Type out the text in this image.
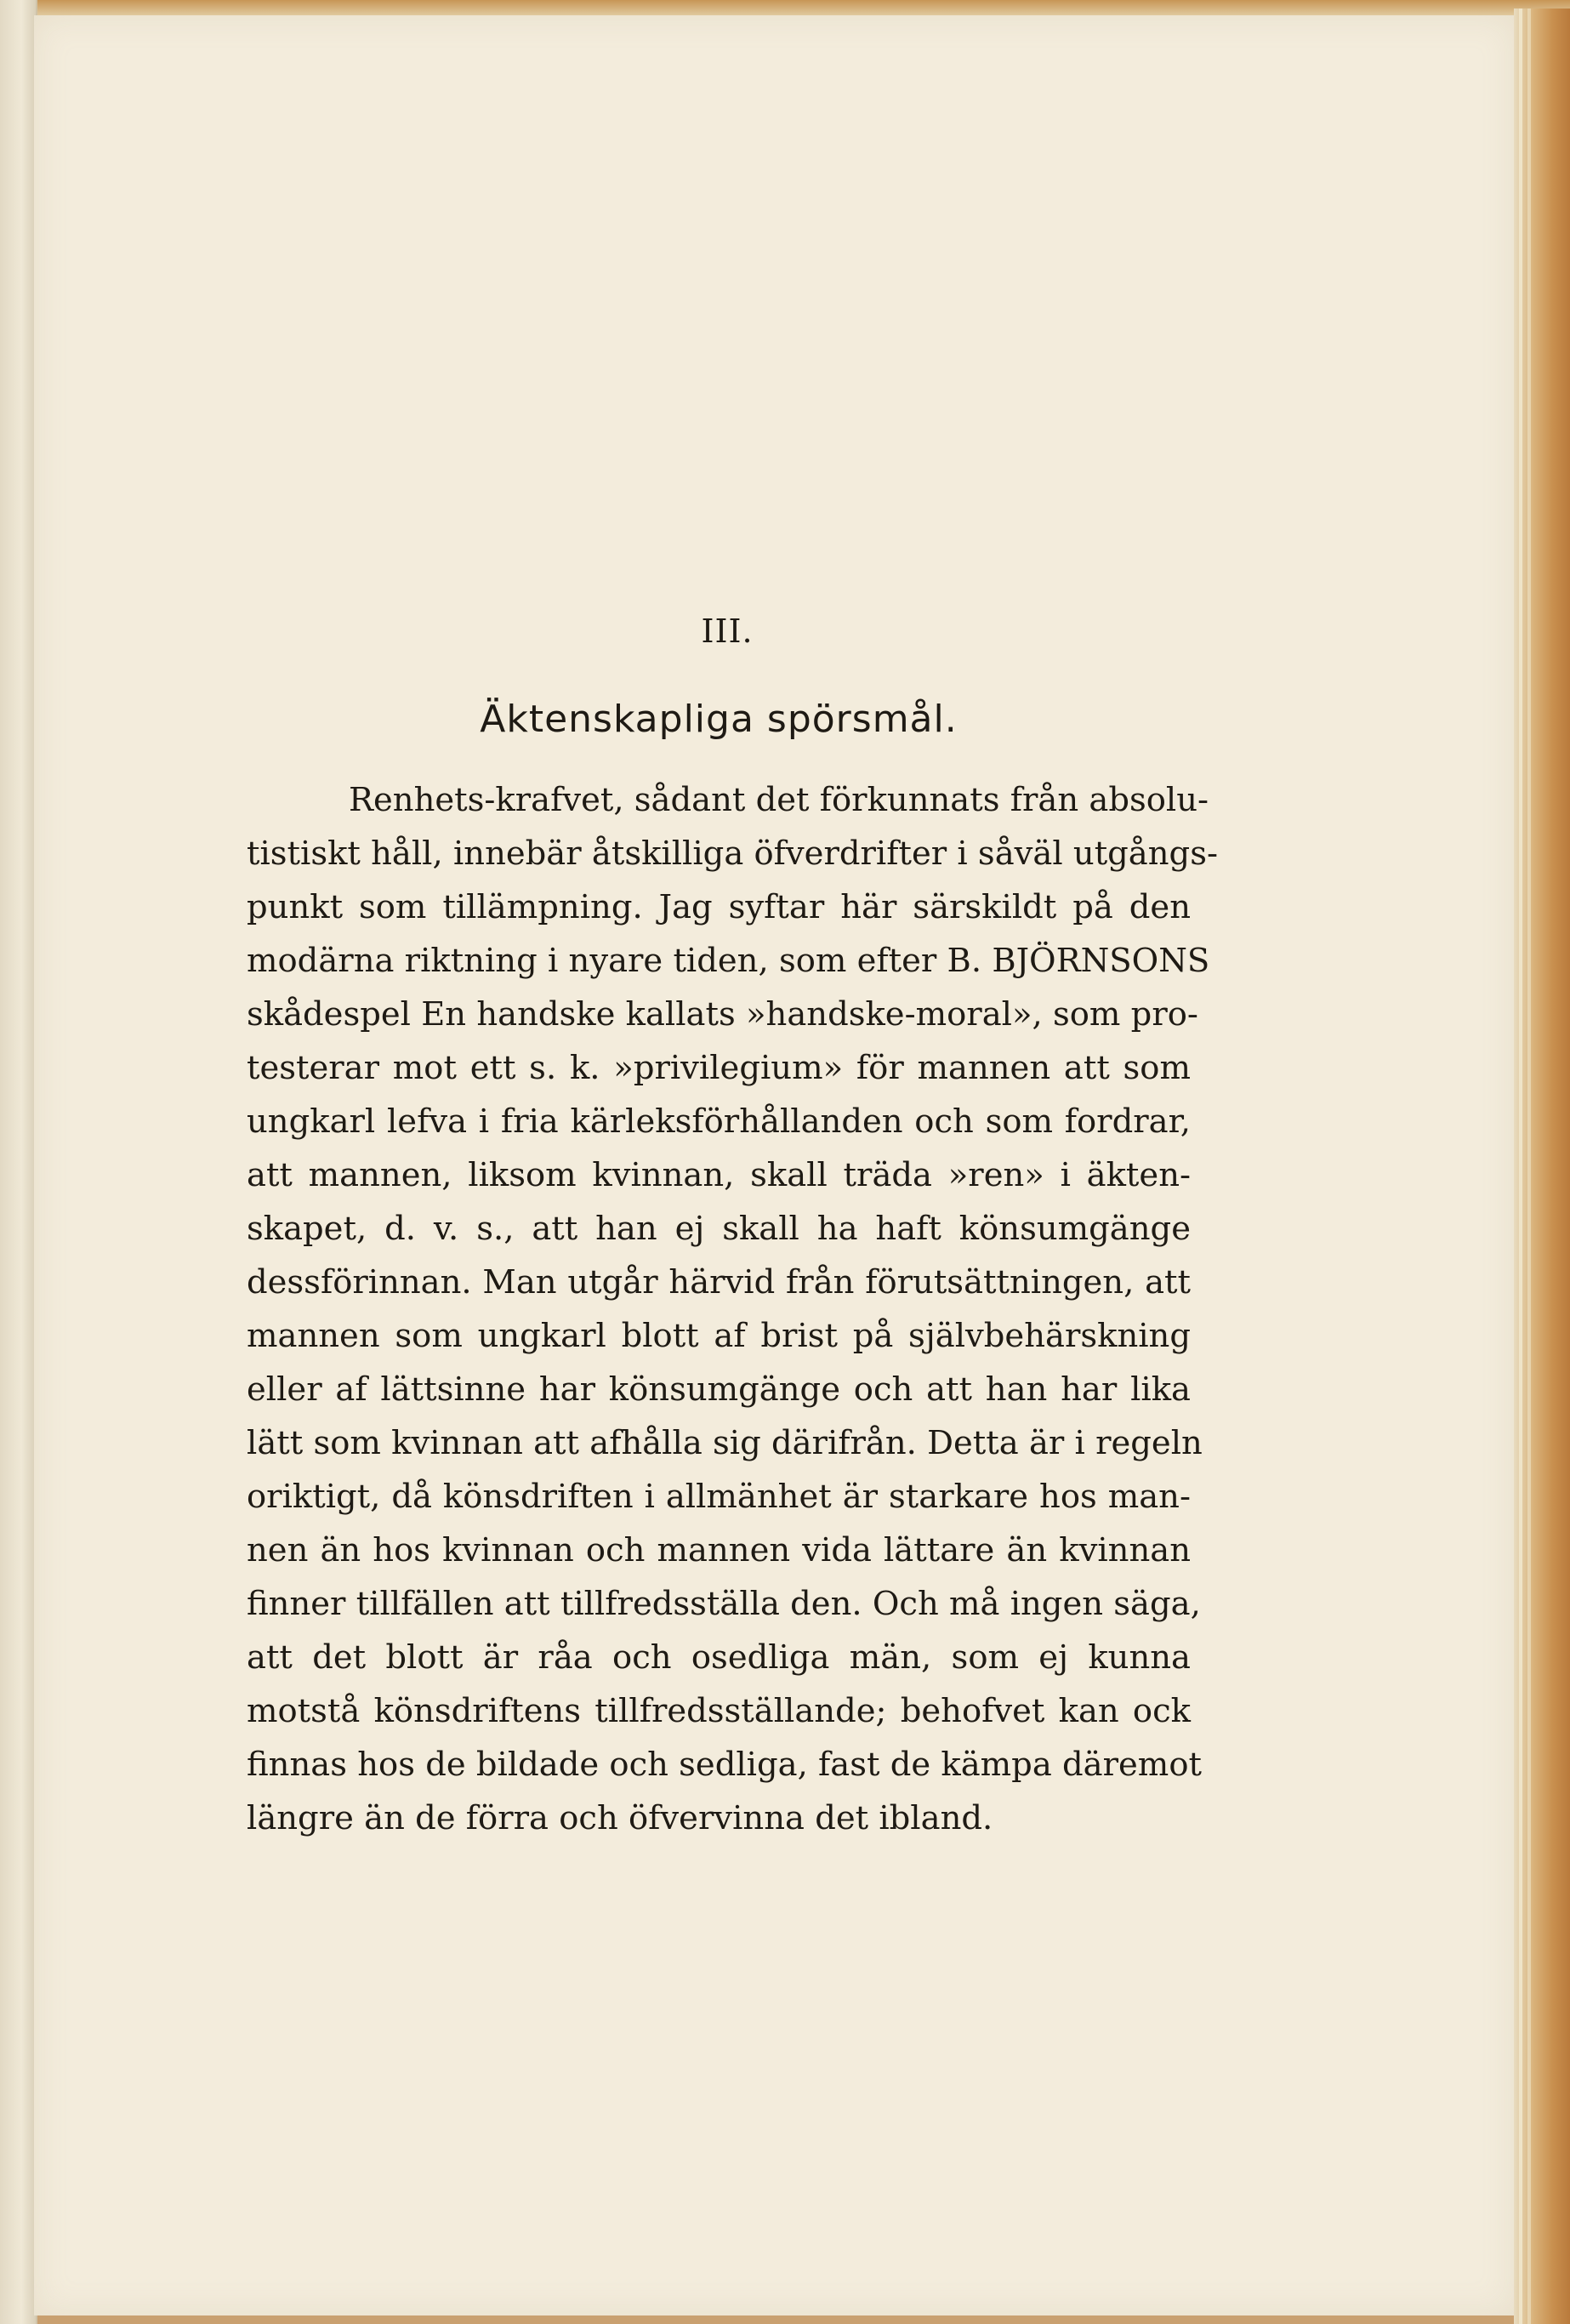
III.
Äktenskapliga spörsmål.
Renhets-krafvet, sådant det förkunnats från absolu-
tistiskt håll, innebär åtskilliga öfverdrifter i såväl utgångs-
punkt som tillämpning. Jag syftar här särskildt på den
modärna riktning i nyare tiden, som efter B. BJÖRNSONS
skådespel En handske kallats »handske-moral», som pro-
testerar mot ett s. k. »privilegium» för mannen att som
ungkarl lefva i fria kärleksförhållanden och som fordrar,
att mannen, liksom kvinnan, skall träda »ren» i äkten-
skapet, d. v. s., att han ej skall ha haft könsumgänge
dessförinnan. Man utgår härvid från förutsättningen, att
mannen som ungkarl blott af brist på självbehärskning
eller af lättsinne har könsumgänge och att han har lika
lätt som kvinnan att afhålla sig därifrån. Detta är i regeln
oriktigt, då könsdriften i allmänhet är starkare hos man-
nen än hos kvinnan och mannen vida lättare än kvinnan
finner tillfällen att tillfredsställa den. Och må ingen säga,
att det blott är råa och osedliga män, som ej kunna
motstå könsdriftens tillfredsställande; behofvet kan ock
finnas hos de bildade och sedliga, fast de kämpa däremot
längre än de förra och öfvervinna det ibland.
